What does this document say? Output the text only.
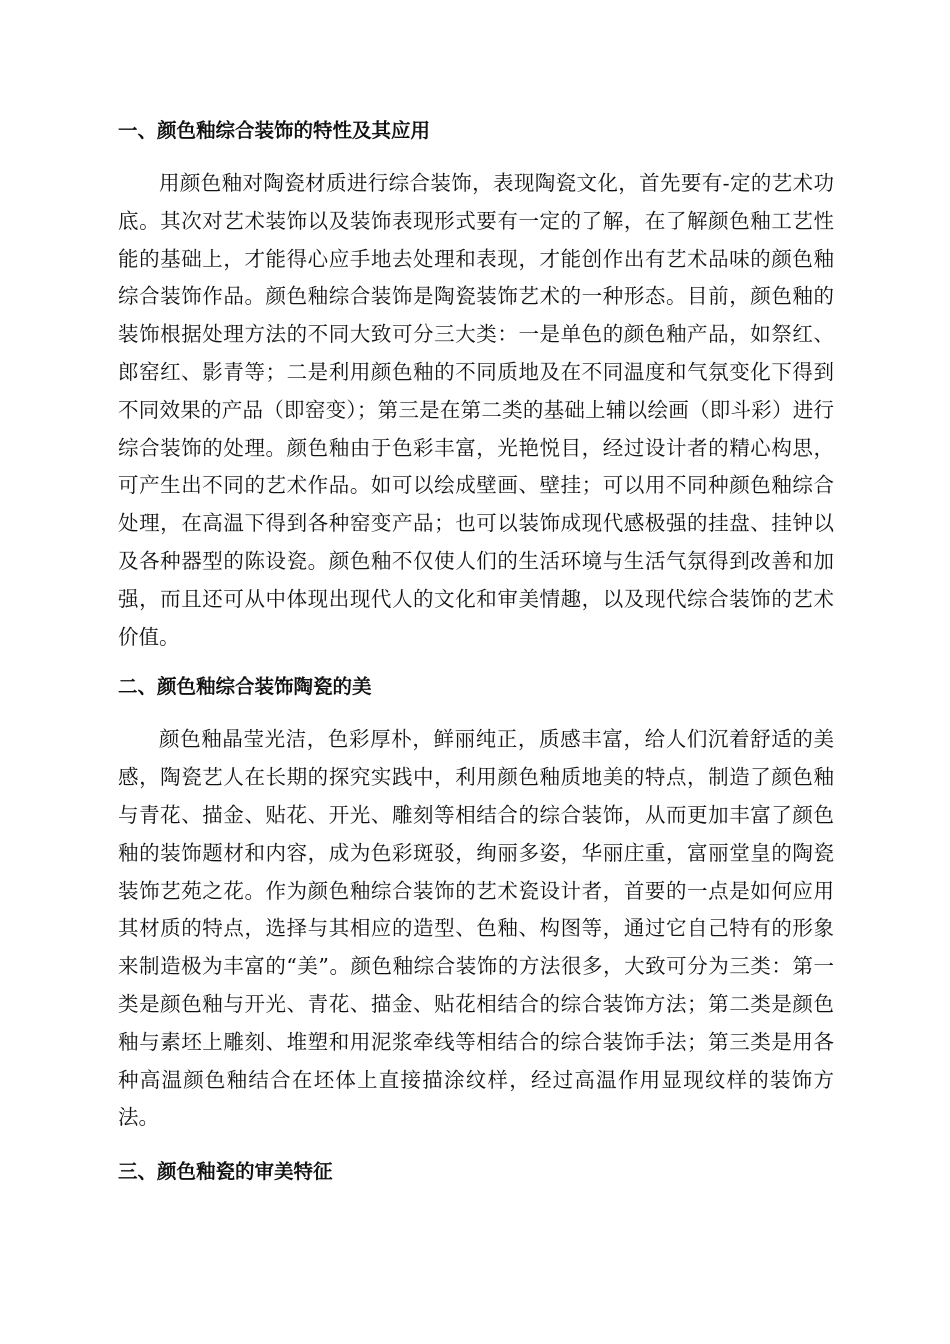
一、颜色釉综合装饰的特性及其应用

用颜色釉对陶瓷材质进行综合装饰，表现陶瓷文化，首先要有-定的艺术功底。其次对艺术装饰以及装饰表现形式要有一定的了解，在了解颜色釉工艺性能的基础上，才能得心应手地去处理和表现，才能创作出有艺术品味的颜色釉综合装饰作品。颜色釉综合装饰是陶瓷装饰艺术的一种形态。目前，颜色釉的装饰根据处理方法的不同大致可分三大类：一是单色的颜色釉产品，如祭红、郎窑红、影青等；二是利用颜色釉的不同质地及在不同温度和气氛变化下得到不同效果的产品（即窑变）；第三是在第二类的基础上辅以绘画（即斗彩）进行综合装饰的处理。颜色釉由于色彩丰富，光艳悦目，经过设计者的精心构思，可产生出不同的艺术作品。如可以绘成壁画、壁挂；可以用不同种颜色釉综合处理，在高温下得到各种窑变产品；也可以装饰成现代感极强的挂盘、挂钟以及各种器型的陈设瓷。颜色釉不仅使人们的生活环境与生活气氛得到改善和加强，而且还可从中体现出现代人的文化和审美情趣，以及现代综合装饰的艺术价值。

二、颜色釉综合装饰陶瓷的美

颜色釉晶莹光洁，色彩厚朴，鲜丽纯正，质感丰富，给人们沉着舒适的美感，陶瓷艺人在长期的探究实践中，利用颜色釉质地美的特点，制造了颜色釉与青花、描金、贴花、开光、雕刻等相结合的综合装饰，从而更加丰富了颜色釉的装饰题材和内容，成为色彩斑驳，绚丽多姿，华丽庄重，富丽堂皇的陶瓷装饰艺苑之花。作为颜色釉综合装饰的艺术瓷设计者，首要的一点是如何应用其材质的特点，选择与其相应的造型、色釉、构图等，通过它自己特有的形象来制造极为丰富的“美”。颜色釉综合装饰的方法很多，大致可分为三类：第一类是颜色釉与开光、青花、描金、贴花相结合的综合装饰方法；第二类是颜色釉与素坯上雕刻、堆塑和用泥浆牵线等相结合的综合装饰手法；第三类是用各种高温颜色釉结合在坯体上直接描涂纹样，经过高温作用显现纹样的装饰方法。

三、颜色釉瓷的审美特征
